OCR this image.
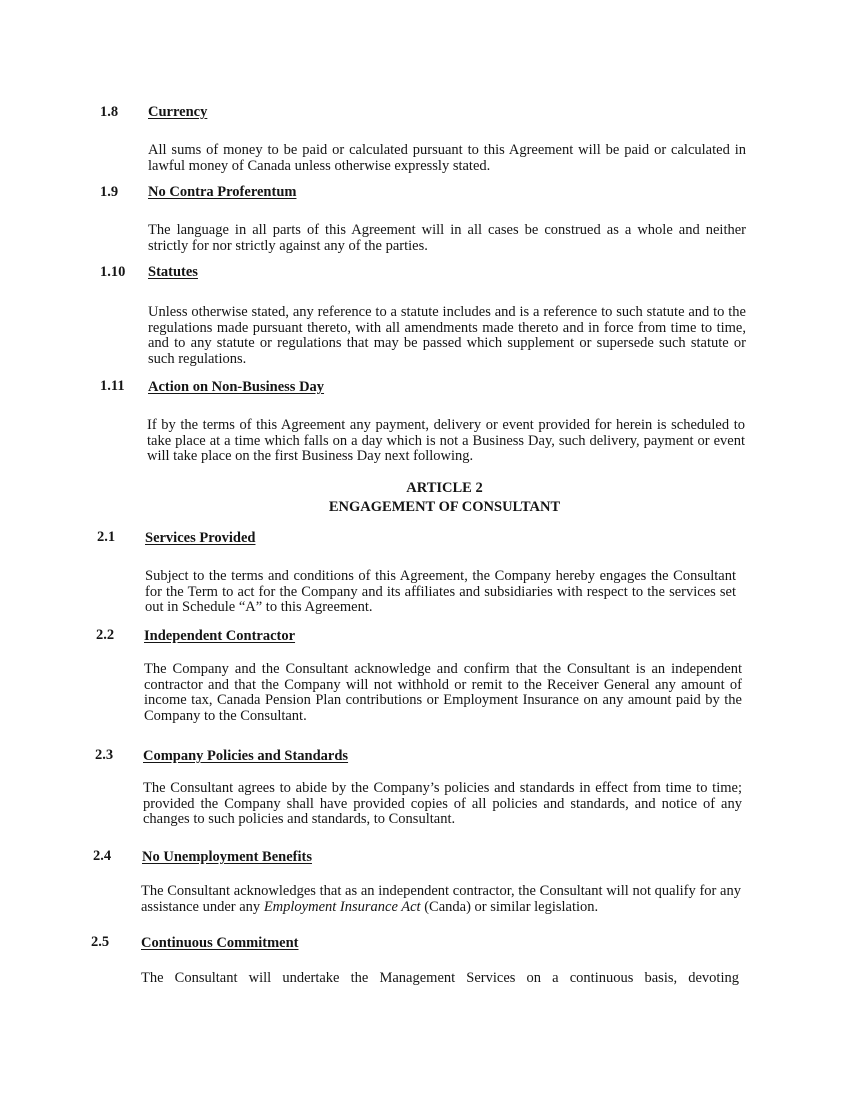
1.8 Currency
All sums of money to be paid or calculated pursuant to this Agreement will be paid or calculated in lawful money of Canada unless otherwise expressly stated.
1.9 No Contra Proferentum
The language in all parts of this Agreement will in all cases be construed as a whole and neither strictly for nor strictly against any of the parties.
1.10 Statutes
Unless otherwise stated, any reference to a statute includes and is a reference to such statute and to the regulations made pursuant thereto, with all amendments made thereto and in force from time to time, and to any statute or regulations that may be passed which supplement or supersede such statute or such regulations.
1.11 Action on Non-Business Day
If by the terms of this Agreement any payment, delivery or event provided for herein is scheduled to take place at a time which falls on a day which is not a Business Day, such delivery, payment or event will take place on the first Business Day next following.
ARTICLE 2
ENGAGEMENT OF CONSULTANT
2.1 Services Provided
Subject to the terms and conditions of this Agreement, the Company hereby engages the Consultant for the Term to act for the Company and its affiliates and subsidiaries with respect to the services set out in Schedule “A” to this Agreement.
2.2 Independent Contractor
The Company and the Consultant acknowledge and confirm that the Consultant is an independent contractor and that the Company will not withhold or remit to the Receiver General any amount of income tax, Canada Pension Plan contributions or Employment Insurance on any amount paid by the Company to the Consultant.
2.3 Company Policies and Standards
The Consultant agrees to abide by the Company’s policies and standards in effect from time to time; provided the Company shall have provided copies of all policies and standards, and notice of any changes to such policies and standards, to Consultant.
2.4 No Unemployment Benefits
The Consultant acknowledges that as an independent contractor, the Consultant will not qualify for any assistance under any Employment Insurance Act (Canda) or similar legislation.
2.5 Continuous Commitment
The Consultant will undertake the Management Services on a continuous basis, devoting
